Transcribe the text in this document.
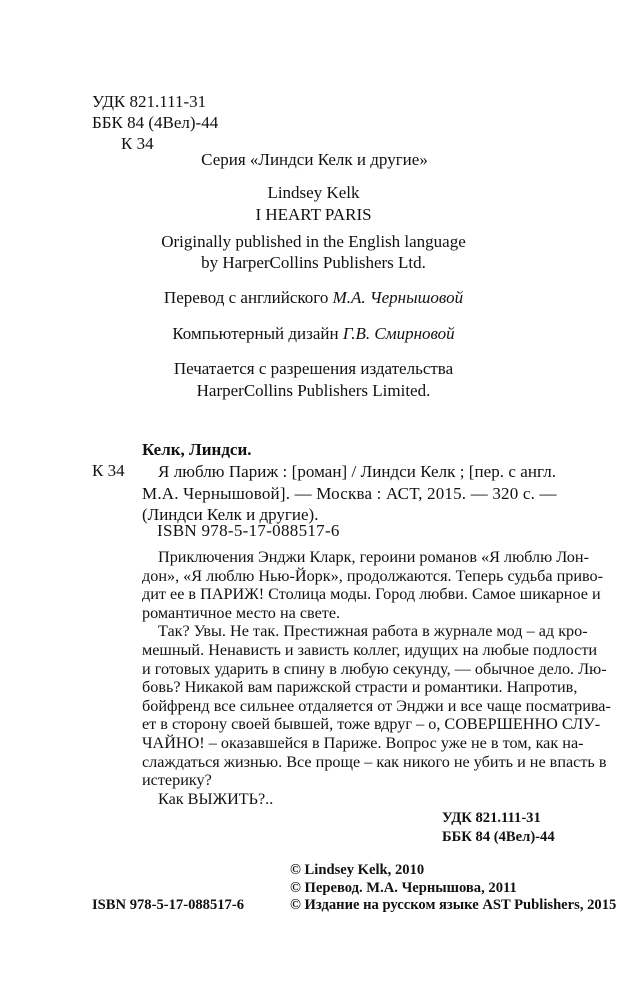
УДК 821.111-31
ББК 84 (4Вел)-44
К 34
Серия «Линдси Келк и другие»
Lindsey Kelk
I HEART PARIS
Originally published in the English language
by HarperCollins Publishers Ltd.
Перевод с английского М.А. Чернышовой
Компьютерный дизайн Г.В. Смирновой
Печатается с разрешения издательства
HarperCollins Publishers Limited.
Келк, Линдси.
К 34	Я люблю Париж : [роман] / Линдси Келк ; [пер. с англ.
М.А. Чернышовой]. — Москва : АСТ, 2015. — 320 с. —
(Линдси Келк и другие).
ISBN 978-5-17-088517-6
Приключения Энджи Кларк, героини романов «Я люблю Лон-
дон», «Я люблю Нью-Йорк», продолжаются. Теперь судьба приво-
дит ее в ПАРИЖ! Столица моды. Город любви. Самое шикарное и
романтичное место на свете.
Так? Увы. Не так. Престижная работа в журнале мод – ад кро-
мешный. Ненависть и зависть коллег, идущих на любые подлости
и готовых ударить в спину в любую секунду, — обычное дело. Лю-
бовь? Никакой вам парижской страсти и романтики. Напротив,
бойфренд все сильнее отдаляется от Энджи и все чаще посматрива-
ет в сторону своей бывшей, тоже вдруг – о, СОВЕРШЕННО СЛУ-
ЧАЙНО! – оказавшейся в Париже. Вопрос уже не в том, как на-
слаждаться жизнью. Все проще – как никого не убить и не впасть в
истерику?
Как ВЫЖИТЬ?..
УДК 821.111-31
ББК 84 (4Вел)-44
ISBN 978-5-17-088517-6
© Lindsey Kelk, 2010
© Перевод. М.А. Чернышова, 2011
© Издание на русском языке AST Publishers, 2015
